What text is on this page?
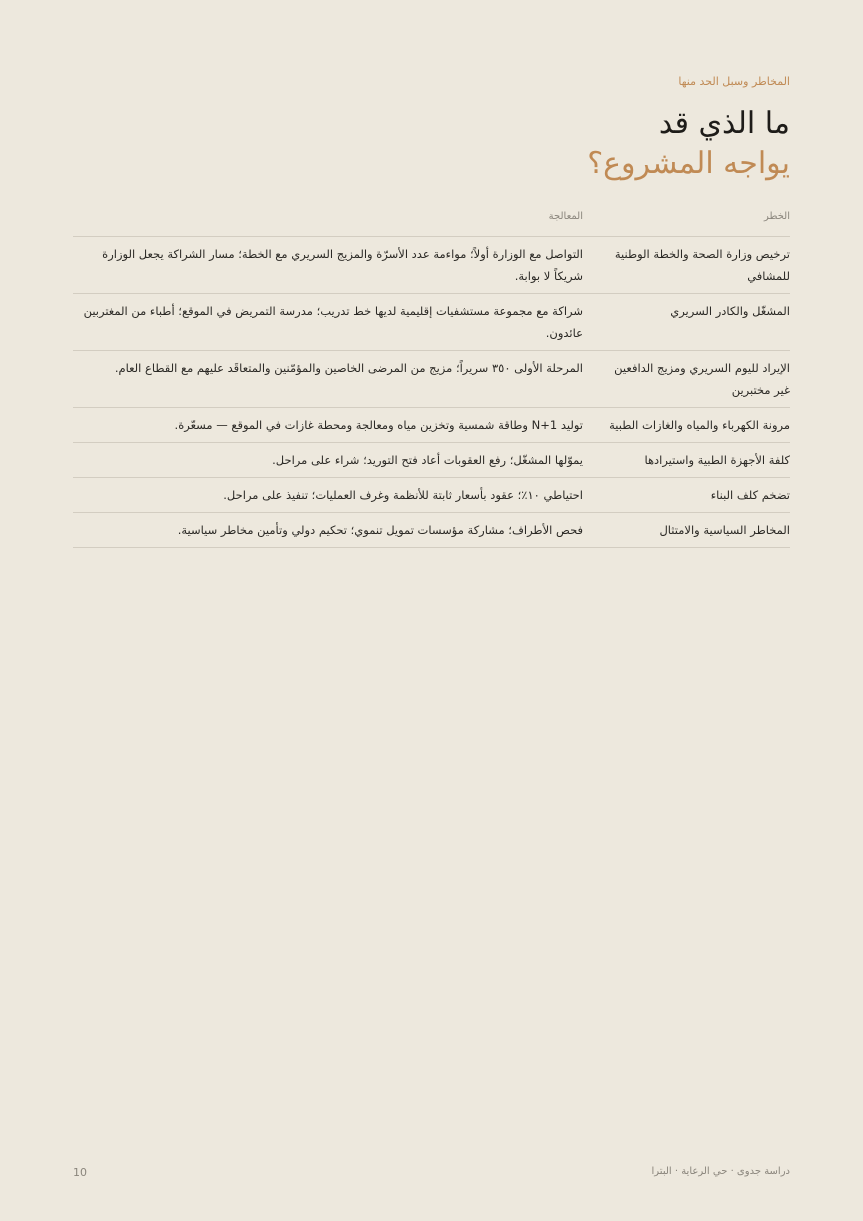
المخاطر وسبل الحد منها
ما الذي قد
يواجه المشروع؟
الخطر	المعالجة
ترخيص وزارة الصحة والخطة الوطنية للمشافي	التواصل مع الوزارة أولاً؛ مواءمة عدد الأسرّة والمزيج السريري مع الخطة؛ مسار الشراكة يجعل الوزارة شريكاً لا بوابة.
المشغّل والكادر السريري	شراكة مع مجموعة مستشفيات إقليمية لديها خط تدريب؛ مدرسة التمريض في الموقع؛ أطباء من المغتربين عائدون.
الإيراد لليوم السريري ومزيج الدافعين غير مختبرين	المرحلة الأولى ٣٥٠ سريراً؛ مزيج من المرضى الخاصين والمؤمّنين والمتعاقَد عليهم مع القطاع العام.
مرونة الكهرباء والمياه والغازات الطبية	توليد N+1 وطاقة شمسية وتخزين مياه ومعالجة ومحطة غازات في الموقع — مسعّرة.
كلفة الأجهزة الطبية واستيرادها	يموّلها المشغّل؛ رفع العقوبات أعاد فتح التوريد؛ شراء على مراحل.
تضخم كلف البناء	احتياطي ١٠٪؛ عقود بأسعار ثابتة للأنظمة وغرف العمليات؛ تنفيذ على مراحل.
المخاطر السياسية والامتثال	فحص الأطراف؛ مشاركة مؤسسات تمويل تنموي؛ تحكيم دولي وتأمين مخاطر سياسية.
دراسة جدوى · حي الرعاية · البترا
10
